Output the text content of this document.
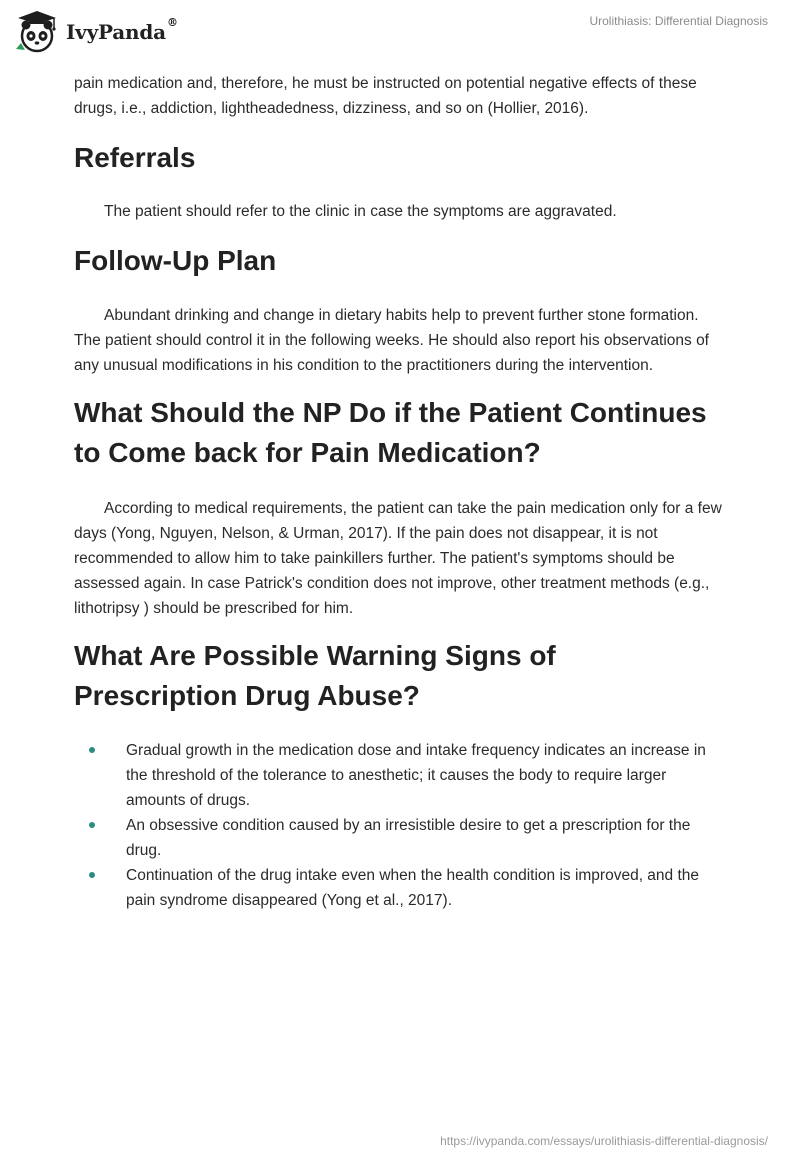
IvyPanda®	Urolithiasis: Differential Diagnosis

pain medication and, therefore, he must be instructed on potential negative effects of these drugs, i.e., addiction, lightheadedness, dizziness, and so on (Hollier, 2016).

Referrals

The patient should refer to the clinic in case the symptoms are aggravated.

Follow-Up Plan

Abundant drinking and change in dietary habits help to prevent further stone formation. The patient should control it in the following weeks. He should also report his observations of any unusual modifications in his condition to the practitioners during the intervention.

What Should the NP Do if the Patient Continues to Come back for Pain Medication?

According to medical requirements, the patient can take the pain medication only for a few days (Yong, Nguyen, Nelson, & Urman, 2017). If the pain does not disappear, it is not recommended to allow him to take painkillers further. The patient's symptoms should be assessed again. In case Patrick's condition does not improve, other treatment methods (e.g., lithotripsy ) should be prescribed for him.

What Are Possible Warning Signs of Prescription Drug Abuse?
Gradual growth in the medication dose and intake frequency indicates an increase in the threshold of the tolerance to anesthetic; it causes the body to require larger amounts of drugs.
An obsessive condition caused by an irresistible desire to get a prescription for the drug.
Continuation of the drug intake even when the health condition is improved, and the pain syndrome disappeared (Yong et al., 2017).
https://ivypanda.com/essays/urolithiasis-differential-diagnosis/
